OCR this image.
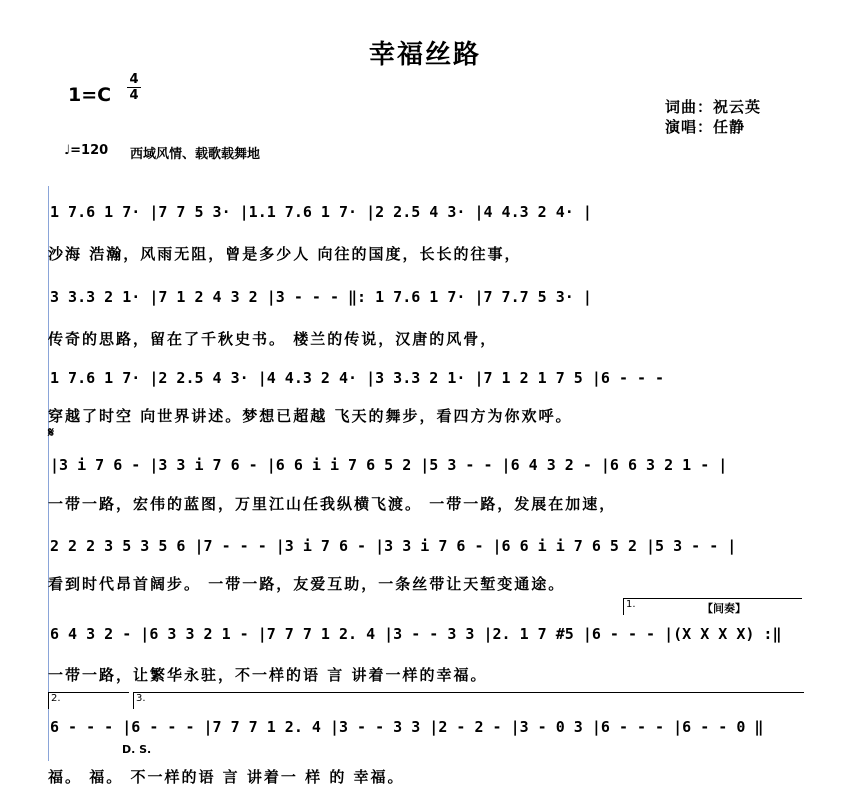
幸福丝路
1=C
4
4
词曲：祝云英
演唱：任静
♩=120 西域风情、载歌载舞地
1 7.6 1 7· |7 7 5 3· |1.1 7.6 1 7· |2 2.5 4 3· |4 4.3 2 4· |
沙海 浩瀚，风雨无阻，曾是多少人 向往的国度，长长的往事，
3 3.3 2 1· |7 1 2 4 3 2 |3 - - - ‖: 1 7.6 1 7· |7 7.7 5 3· |
传奇的思路，留在了千秋史书。 楼兰的传说，汉唐的风骨，
1 7.6 1 7· |2 2.5 4 3· |4 4.3 2 4· |3 3.3 2 1· |7 1 2 1 7 5 |6 - - -
穿越了时空 向世界讲述。梦想已超越 飞天的舞步，看四方为你欢呼。
𝄋
|3 i 7 6 - |3 3 i 7 6 - |6 6 i i 7 6 5 2 |5 3 - - |6 4 3 2 - |6 6 3 2 1 - |
一带一路，宏伟的蓝图，万里江山任我纵横飞渡。 一带一路，发展在加速，
2 2 2 3 5 3 5 6 |7 - - - |3 i 7 6 - |3 3 i 7 6 - |6 6 i i 7 6 5 2 |5 3 - - |
看到时代昂首阔步。 一带一路，友爱互助，一条丝带让天堑变通途。
1.	【间奏】
6 4 3 2 - |6 3 3 2 1 - |7 7 7 1 2. 4 |3 - - 3 3 |2. 1 7 #5 |6 - - - |(X X X X) :‖
一带一路，让繁华永驻，不一样的语 言 讲着一样的幸福。
2.	3.
6 - - - |6 - - - |7 7 7 1 2. 4 |3 - - 3 3 |2 - 2 - |3 - 0 3 |6 - - - |6 - - 0 ‖
D. S.
福。 福。 不一样的语 言 讲着一 样 的 幸福。
